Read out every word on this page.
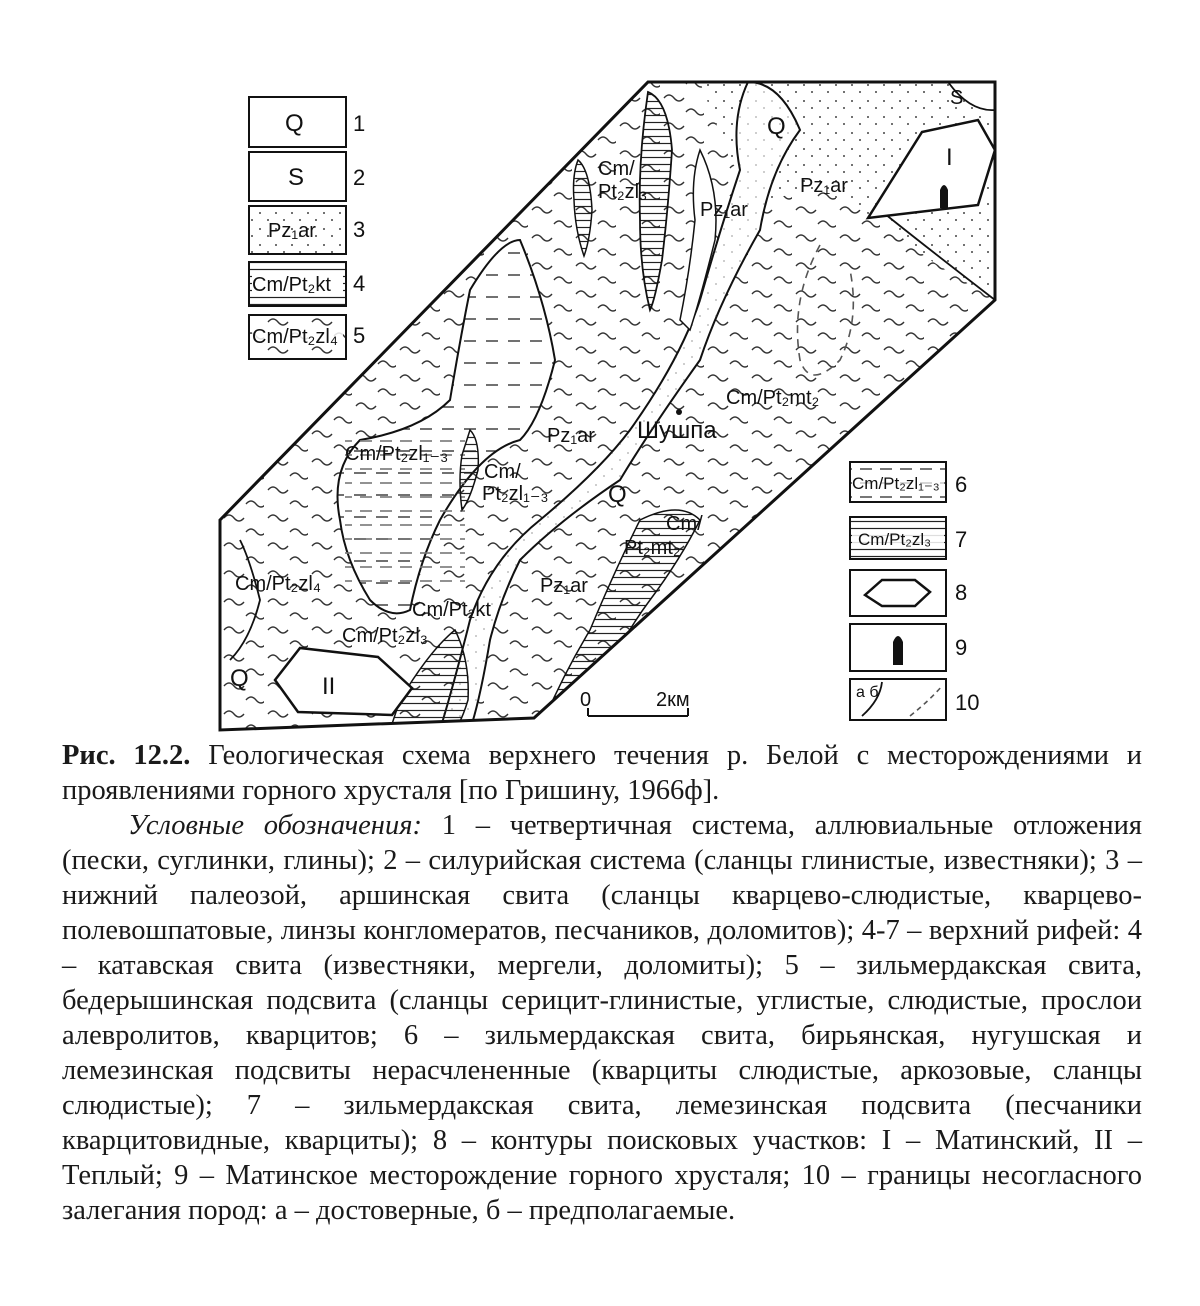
Q
S
I
Pz₁ar
Pz₁ar
Cm/
Pt₂zl₃
Cm/Pt₂mt₂
Шушпа
Pz₁ar
Cm/Pt₂zl₁₋₃
Cm/
Pt₂zl₁₋₃ Q
Cm/
Pt₂mt₂
Pz₁ar
Cm/Pt₂zl₄
Cm/Pt₂kt
Cm/Pt₂zl₃
Q	II	0	2км
Q 1
S 2
Pz₁ar 3
Cm/Pt₂kt 4
Cm/Pt₂zl₄ 5
Cm/Pt₂zl₁₋₃ 6
Cm/Pt₂zl₃ 7
8
9
а б	10
Рис. 12.2. Геологическая схема верхнего течения р. Белой с месторождениями и проявлениями горного хрусталя [по Гришину, 1966ф].
Условные обозначения: 1 – четвертичная система, аллювиальные отложения (пески, суглинки, глины); 2 – силурийская система (сланцы глинистые, известняки); 3 – нижний палеозой, аршинская свита (сланцы кварцево-слюдистые, кварцево-полевошпатовые, линзы конгломератов, песчаников, доломитов); 4-7 – верхний рифей: 4 – катавская свита (известняки, мергели, доломиты); 5 – зильмердакская свита, бедерышинская подсвита (сланцы серицит-глинистые, углистые, слюдистые, прослои алевролитов, кварцитов; 6 – зильмердакская свита, бирьянская, нугушская и лемезинская подсвиты нерасчлененные (кварциты слюдистые, аркозовые, сланцы слюдистые); 7 – зильмердакская свита, лемезинская подсвита (песчаники кварцитовидные, кварциты); 8 – контуры поисковых участков: I – Матинский, II – Теплый; 9 – Матинское месторождение горного хрусталя; 10 – границы несогласного залегания пород: а – достоверные, б – предполагаемые.
